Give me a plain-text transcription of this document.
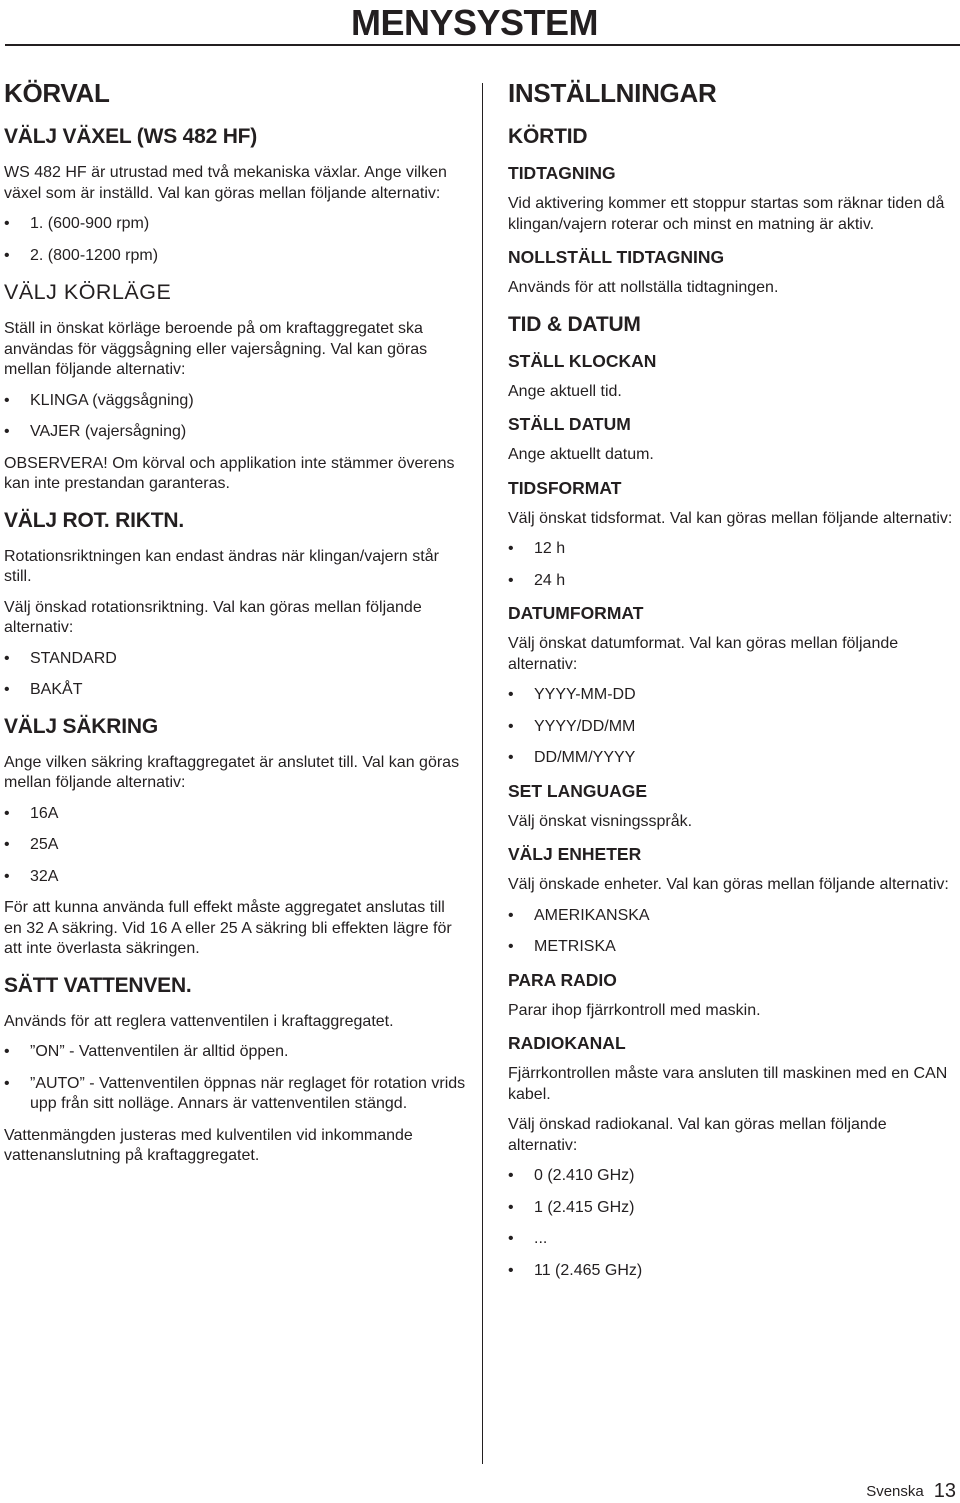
MENYSYSTEM
KÖRVAL
VÄLJ VÄXEL (WS 482 HF)

WS 482 HF är utrustad med två mekaniska växlar. Ange vilken växel som är inställd. Val kan göras mellan följande alternativ:

• 1. (600-900 rpm)
• 2. (800-1200 rpm)
VÄLJ KÖRLÄGE

Ställ in önskat körläge beroende på om kraftaggregatet ska användas för väggsågning eller vajersågning. Val kan göras mellan följande alternativ:

• KLINGA (väggsågning)
• VAJER (vajersågning)

OBSERVERA! Om körval och applikation inte stämmer överens kan inte prestandan garanteras.

VÄLJ ROT. RIKTN.

Rotationsriktningen kan endast ändras när klingan/vajern står still.

Välj önskad rotationsriktning. Val kan göras mellan följande alternativ:

• STANDARD
• BAKÅT
VÄLJ SÄKRING

Ange vilken säkring kraftaggregatet är anslutet till. Val kan göras mellan följande alternativ:

• 16A
• 25A
• 32A

För att kunna använda full effekt måste aggregatet anslutas till en 32 A säkring. Vid 16 A eller 25 A säkring bli effekten lägre för att inte överlasta säkringen.

SÄTT VATTENVEN.

Används för att reglera vattenventilen i kraftaggregatet.

• ”ON” - Vattenventilen är alltid öppen.
• ”AUTO” - Vattenventilen öppnas när reglaget för rotation vrids upp från sitt nolläge. Annars är vattenventilen stängd.

Vattenmängden justeras med kulventilen vid inkommande vattenanslutning på kraftaggregatet.

INSTÄLLNINGAR
KÖRTID
TIDTAGNING

Vid aktivering kommer ett stoppur startas som räknar tiden då klingan/vajern roterar och minst en matning är aktiv.

NOLLSTÄLL TIDTAGNING

Används för att nollställa tidtagningen.

TID & DATUM
STÄLL KLOCKAN

Ange aktuell tid.

STÄLL DATUM

Ange aktuellt datum.

TIDSFORMAT

Välj önskat tidsformat. Val kan göras mellan följande alternativ:

• 12 h
• 24 h
DATUMFORMAT

Välj önskat datumformat. Val kan göras mellan följande alternativ:

• YYYY-MM-DD
• YYYY/DD/MM
• DD/MM/YYYY
SET LANGUAGE

Välj önskat visningsspråk.

VÄLJ ENHETER

Välj önskade enheter. Val kan göras mellan följande alternativ:

• AMERIKANSKA
• METRISKA
PARA RADIO

Parar ihop fjärrkontroll med maskin.

RADIOKANAL

Fjärrkontrollen måste vara ansluten till maskinen med en CAN kabel.

Välj önskad radiokanal. Val kan göras mellan följande alternativ:

• 0 (2.410 GHz)
• 1 (2.415 GHz)
• ...
• 11 (2.465 GHz)
Svenska 13
